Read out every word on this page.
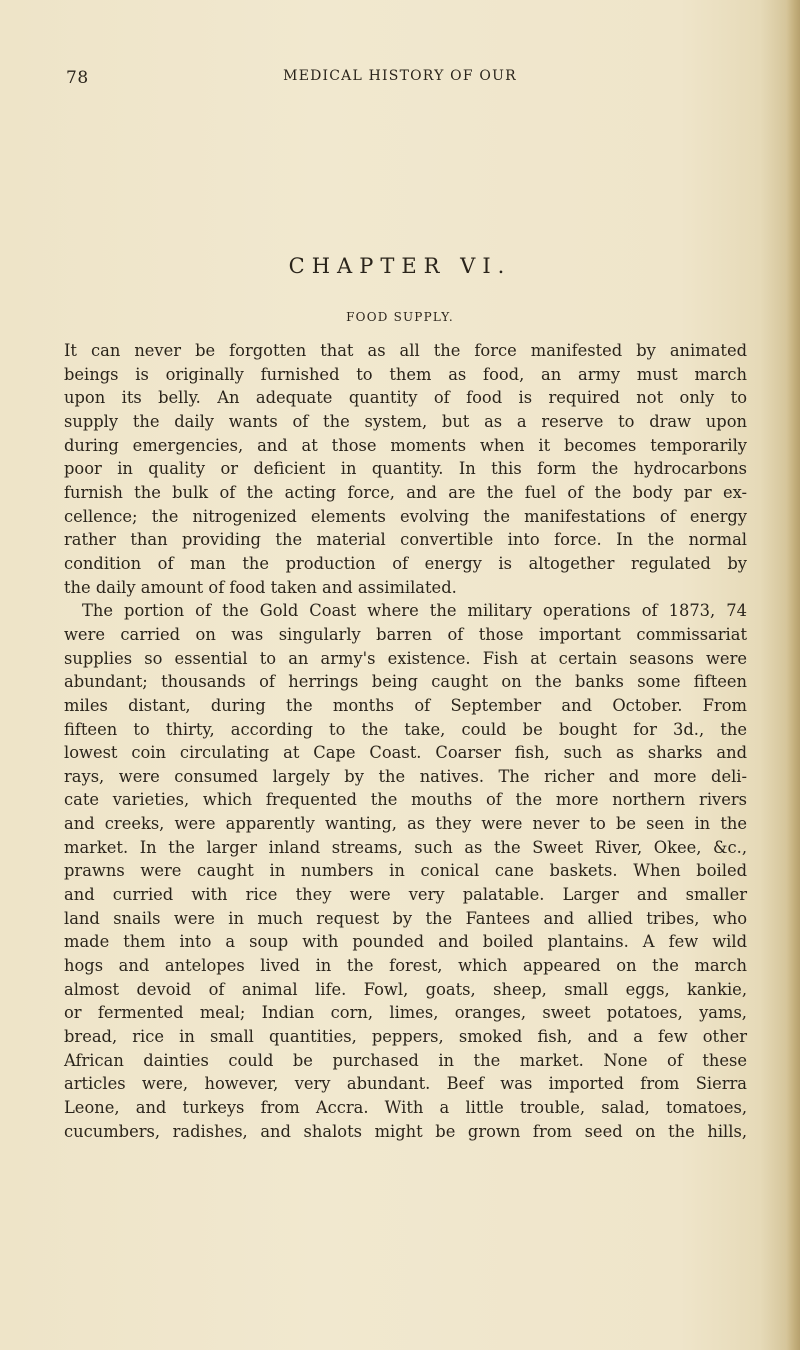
78	MEDICAL HISTORY OF OUR
CHAPTER VI.
FOOD SUPPLY.
It can never be forgotten that as all the force manifested by animated
beings is originally furnished to them as food, an army must march
upon its belly. An adequate quantity of food is required not only to
supply the daily wants of the system, but as a reserve to draw upon
during emergencies, and at those moments when it becomes temporarily
poor in quality or deficient in quantity. In this form the hydrocarbons
furnish the bulk of the acting force, and are the fuel of the body par ex-
cellence; the nitrogenized elements evolving the manifestations of energy
rather than providing the material convertible into force. In the normal
condition of man the production of energy is altogether regulated by
the daily amount of food taken and assimilated.
The portion of the Gold Coast where the military operations of 1873, 74
were carried on was singularly barren of those important commissariat
supplies so essential to an army's existence. Fish at certain seasons were
abundant; thousands of herrings being caught on the banks some fifteen
miles distant, during the months of September and October. From
fifteen to thirty, according to the take, could be bought for 3d., the
lowest coin circulating at Cape Coast. Coarser fish, such as sharks and
rays, were consumed largely by the natives. The richer and more deli-
cate varieties, which frequented the mouths of the more northern rivers
and creeks, were apparently wanting, as they were never to be seen in the
market. In the larger inland streams, such as the Sweet River, Okee, &c.,
prawns were caught in numbers in conical cane baskets. When boiled
and curried with rice they were very palatable. Larger and smaller
land snails were in much request by the Fantees and allied tribes, who
made them into a soup with pounded and boiled plantains. A few wild
hogs and antelopes lived in the forest, which appeared on the march
almost devoid of animal life. Fowl, goats, sheep, small eggs, kankie,
or fermented meal; Indian corn, limes, oranges, sweet potatoes, yams,
bread, rice in small quantities, peppers, smoked fish, and a few other
African dainties could be purchased in the market. None of these
articles were, however, very abundant. Beef was imported from Sierra
Leone, and turkeys from Accra. With a little trouble, salad, tomatoes,
cucumbers, radishes, and shalots might be grown from seed on the hills,
